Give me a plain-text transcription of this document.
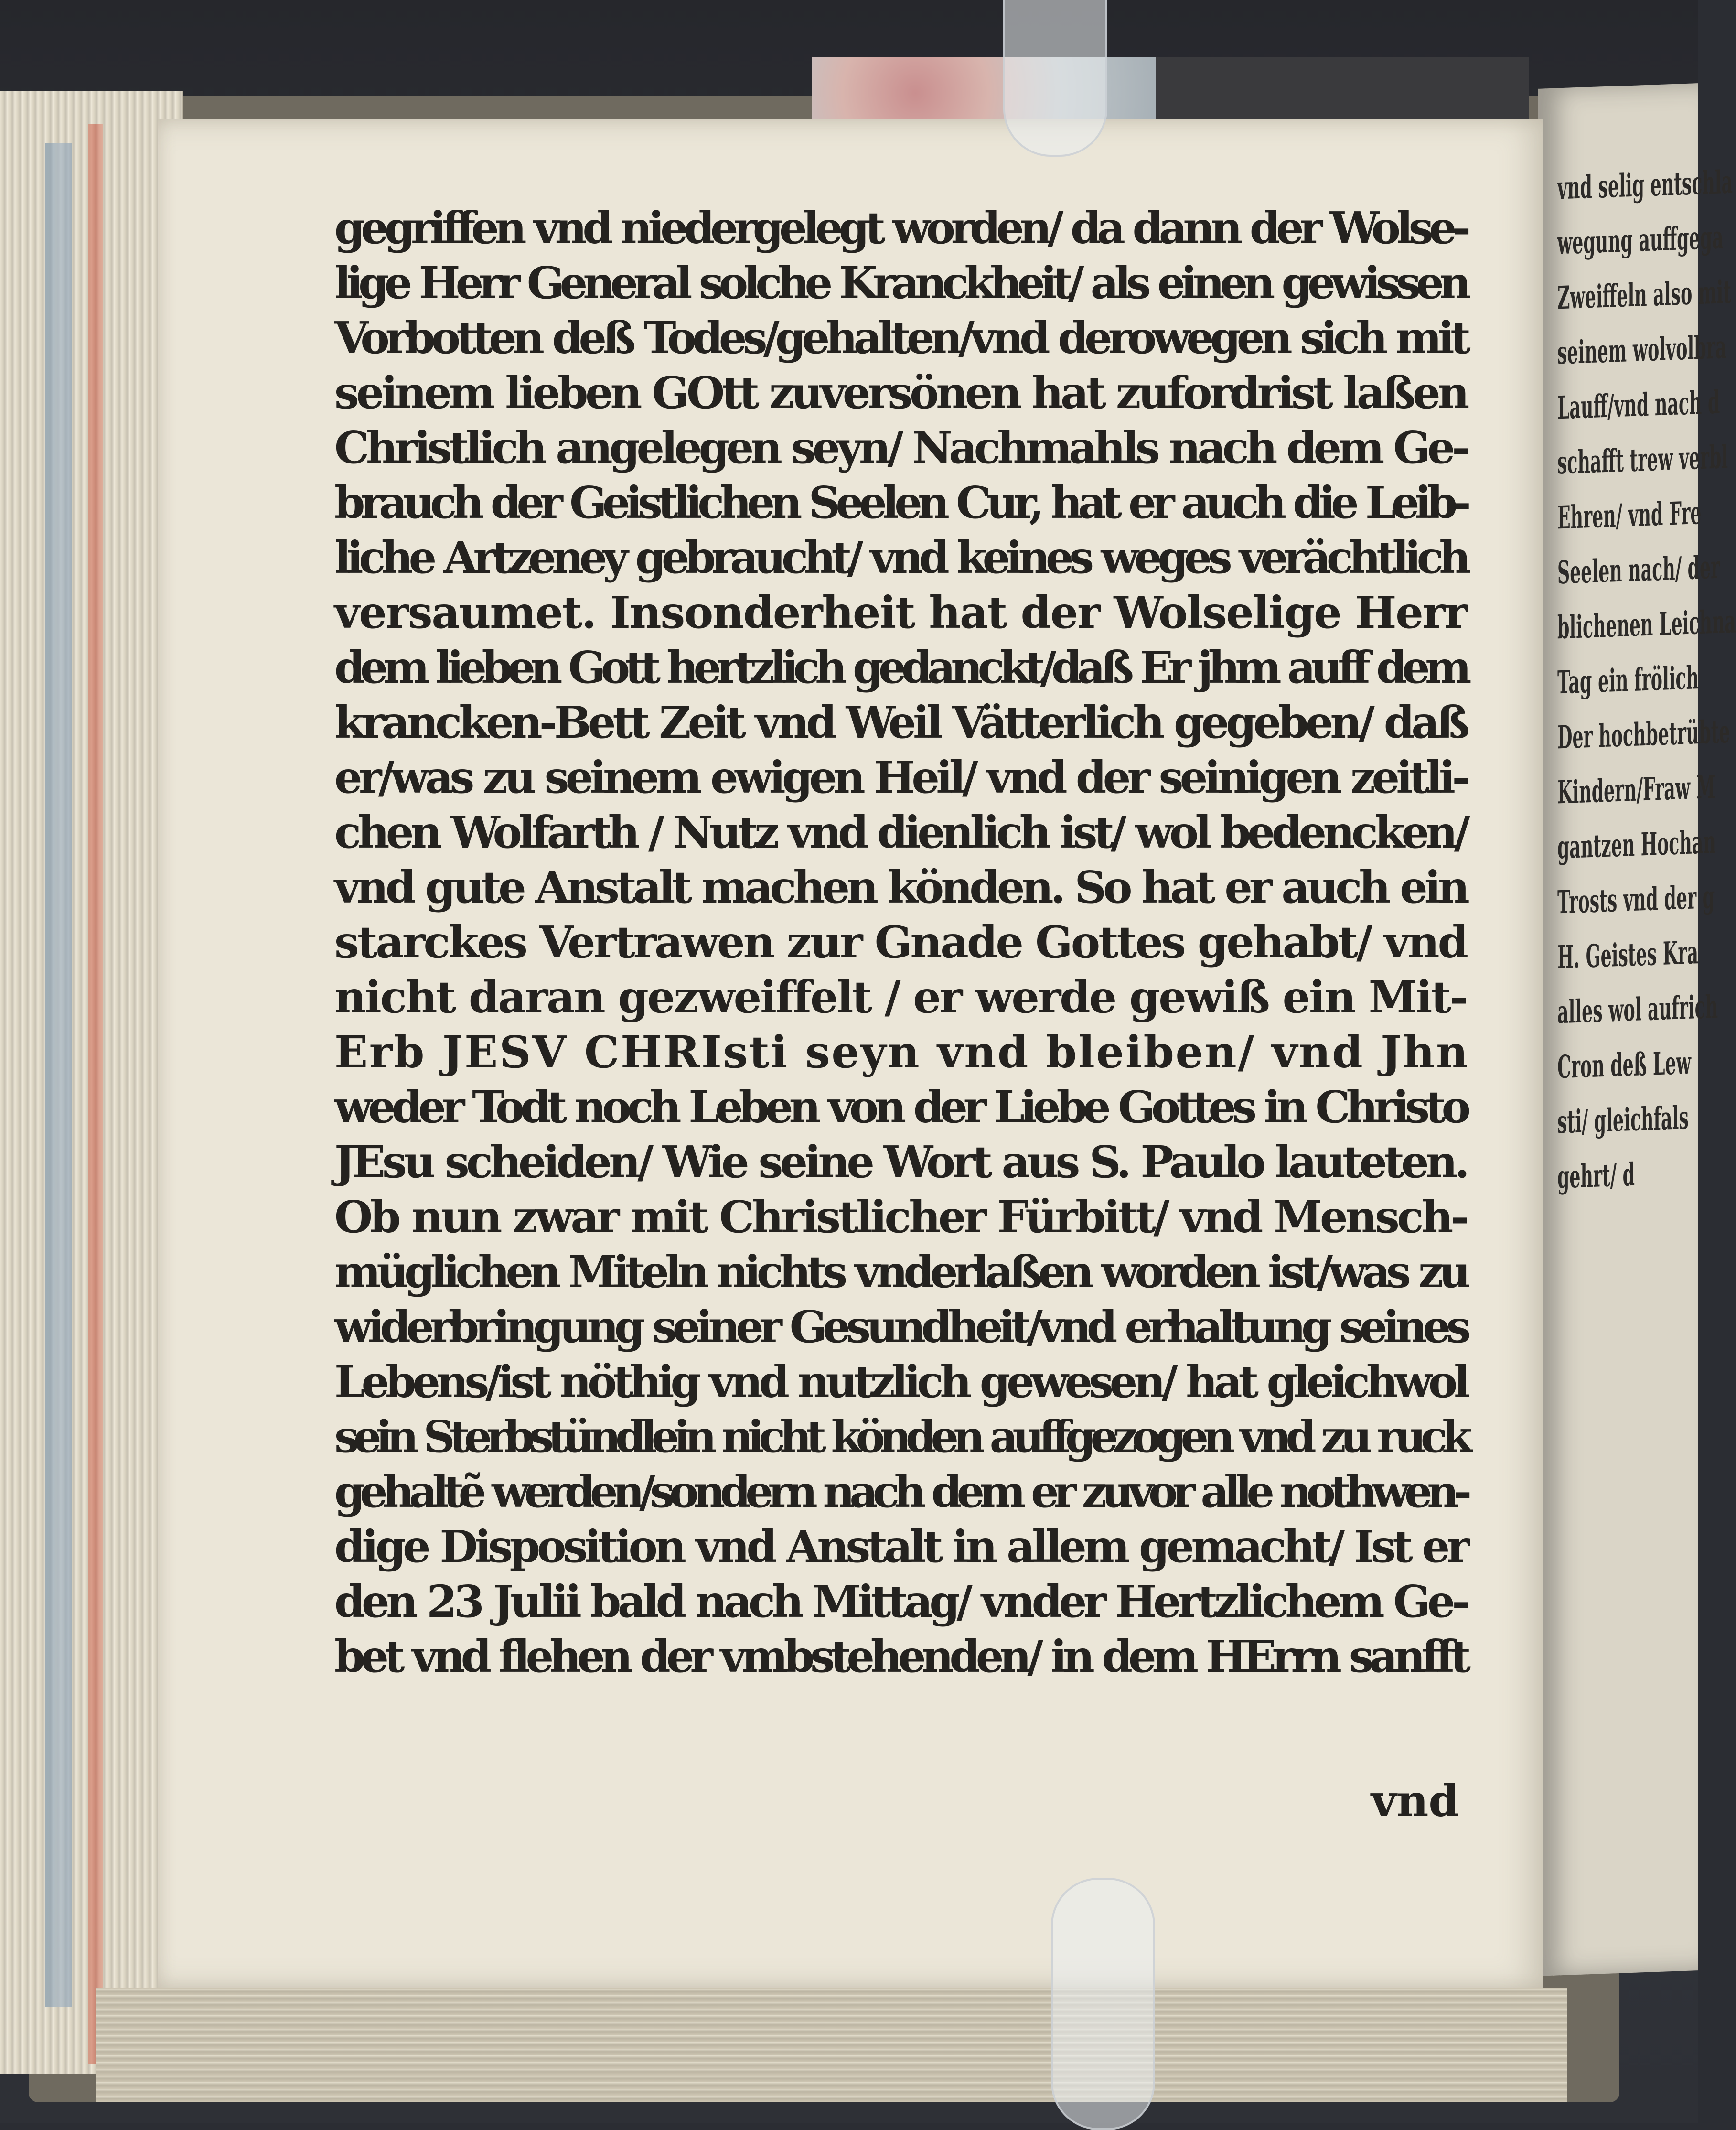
vnd selig entschla
wegung auffgega
Zweiffeln also mit
seinem wolvolbra
Lauff/vnd nach d
schafft trew verbl
Ehren/ vnd Fre
Seelen nach/ der
blichenen Leichna
Tag ein frölich
Der hochbetrübte
Kindern/Fraw M
gantzen Hochan
Trosts vnd der g
H. Geistes Kra
alles wol aufrich
Cron deß Lew
sti/ gleichfals
gehrt/ d
gegriffen vnd niedergelegt worden/ da dann der Wolse-
lige Herr General solche Kranckheit/ als einen gewissen
Vorbotten deß Todes/gehalten/vnd derowegen sich mit
seinem lieben GOtt zuversönen hat zufordrist laßen
Christlich angelegen seyn/ Nachmahls nach dem Ge-
brauch der Geistlichen Seelen Cur, hat er auch die Leib-
liche Artzeney gebraucht/ vnd keines weges verächtlich
versaumet. Insonderheit hat der Wolselige Herr
dem lieben Gott hertzlich gedanckt/daß Er jhm auff dem
krancken-Bett Zeit vnd Weil Vätterlich gegeben/ daß
er/was zu seinem ewigen Heil/ vnd der seinigen zeitli-
chen Wolfarth / Nutz vnd dienlich ist/ wol bedencken/
vnd gute Anstalt machen könden. So hat er auch ein
starckes Vertrawen zur Gnade Gottes gehabt/ vnd
nicht daran gezweiffelt / er werde gewiß ein Mit-
Erb JESV CHRIsti seyn vnd bleiben/ vnd Jhn
weder Todt noch Leben von der Liebe Gottes in Christo
JEsu scheiden/ Wie seine Wort aus S. Paulo lauteten.
Ob nun zwar mit Christlicher Fürbitt/ vnd Mensch-
müglichen Miteln nichts vnderlaßen worden ist/was zu
widerbringung seiner Gesundheit/vnd erhaltung seines
Lebens/ist nöthig vnd nutzlich gewesen/ hat gleichwol
sein Sterbstündlein nicht könden auffgezogen vnd zu ruck
gehaltẽ werden/sondern nach dem er zuvor alle nothwen-
dige Disposition vnd Anstalt in allem gemacht/ Ist er
den 23 Julii bald nach Mittag/ vnder Hertzlichem Ge-
bet vnd flehen der vmbstehenden/ in dem HErrn sanfft
vnd
